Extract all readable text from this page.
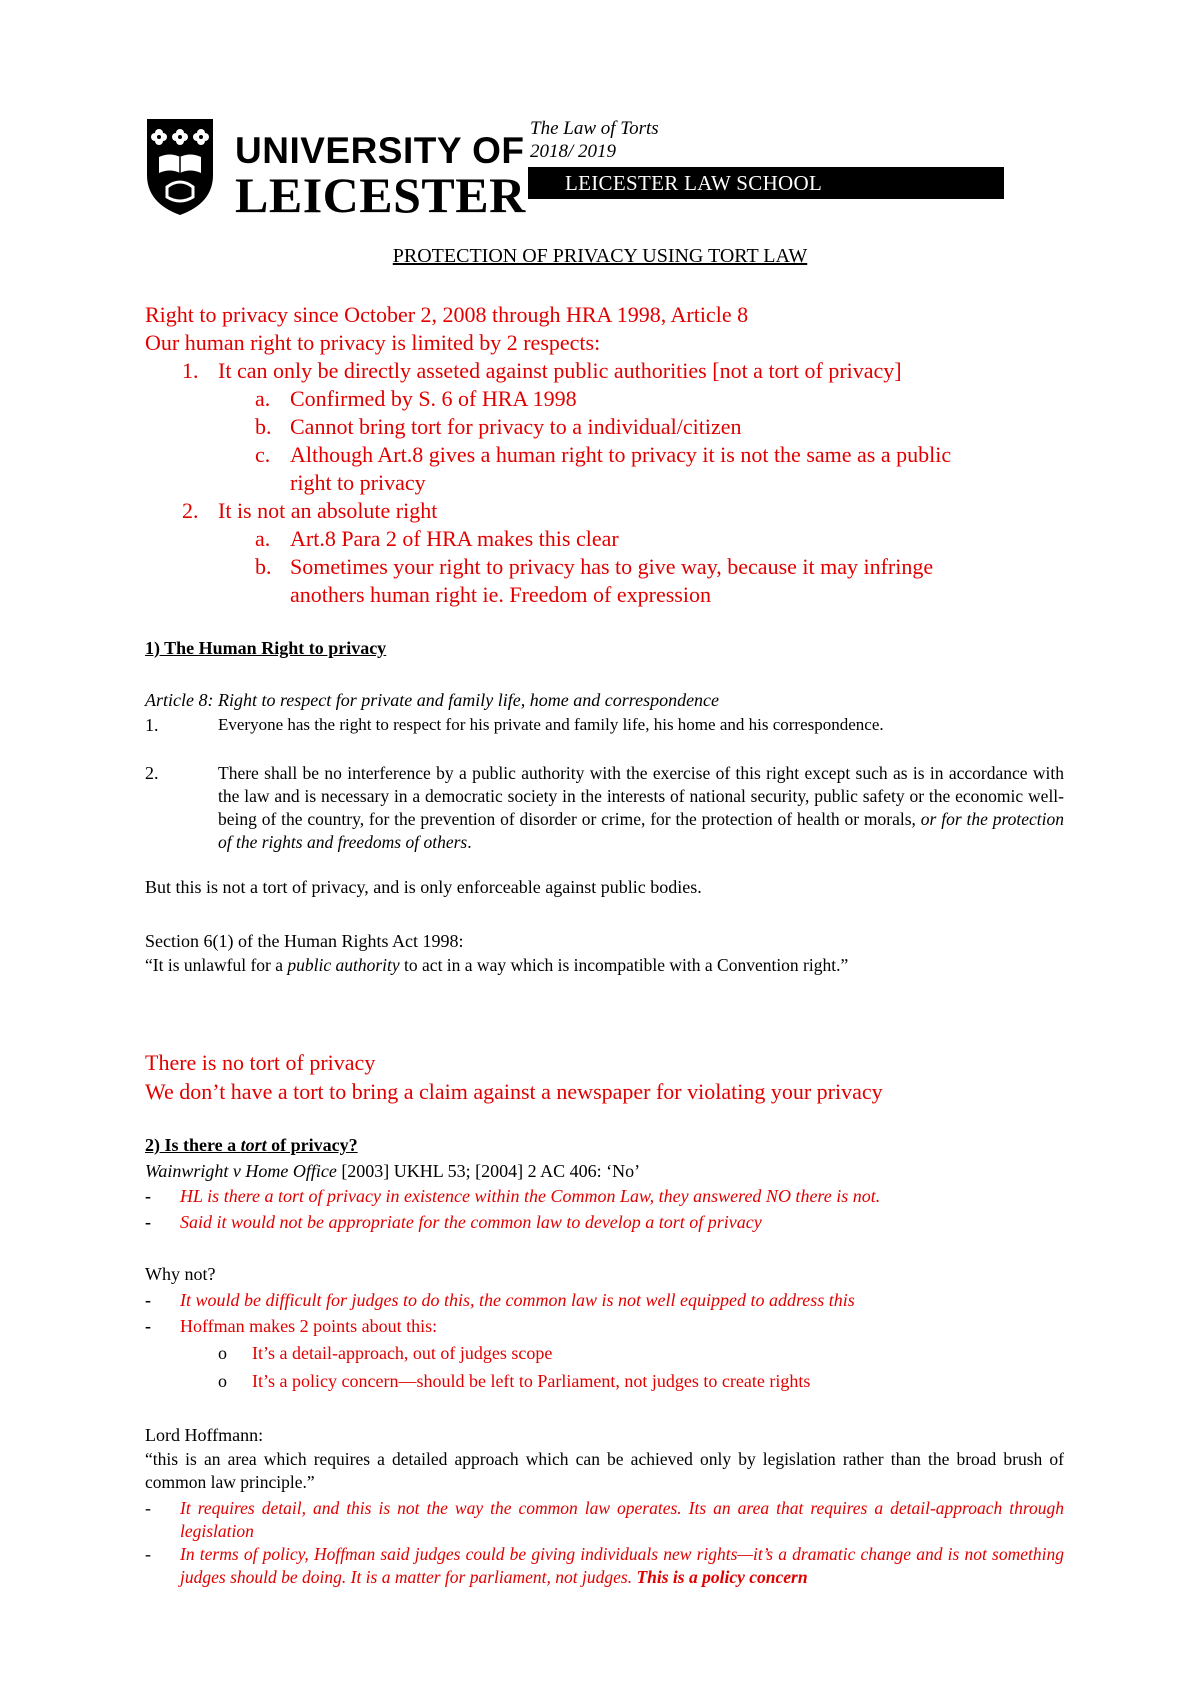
UNIVERSITY OF
LEICESTER
The Law of Torts
2018/ 2019
LEICESTER LAW SCHOOL
PROTECTION OF PRIVACY USING TORT LAW
Right to privacy since October 2, 2008 through HRA 1998, Article 8
Our human right to privacy is limited by 2 respects:
1. It can only be directly asseted against public authorities [not a tort of privacy]
a. Confirmed by S. 6 of HRA 1998
b. Cannot bring tort for privacy to a individual/citizen
c. Although Art.8 gives a human right to privacy it is not the same as a public
right to privacy
2. It is not an absolute right
a. Art.8 Para 2 of HRA makes this clear
b. Sometimes your right to privacy has to give way, because it may infringe
anothers human right ie. Freedom of expression
1) The Human Right to privacy
Article 8: Right to respect for private and family life, home and correspondence
1.	Everyone has the right to respect for his private and family life, his home and his correspondence.
2.	There shall be no interference by a public authority with the exercise of this right except such as is in accordance with the law and is necessary in a democratic society in the interests of national security, public safety or the economic well-being of the country, for the prevention of disorder or crime, for the protection of health or morals, or for the protection of the rights and freedoms of others.
But this is not a tort of privacy, and is only enforceable against public bodies.
Section 6(1) of the Human Rights Act 1998:
“It is unlawful for a public authority to act in a way which is incompatible with a Convention right.”
There is no tort of privacy
We don’t have a tort to bring a claim against a newspaper for violating your privacy
2) Is there a tort of privacy?
Wainwright v Home Office [2003] UKHL 53; [2004] 2 AC 406: ‘No’
- HL is there a tort of privacy in existence within the Common Law, they answered NO there is not.
- Said it would not be appropriate for the common law to develop a tort of privacy
Why not?
- It would be difficult for judges to do this, the common law is not well equipped to address this
- Hoffman makes 2 points about this:
o It’s a detail-approach, out of judges scope
o It’s a policy concern—should be left to Parliament, not judges to create rights
Lord Hoffmann:
“this is an area which requires a detailed approach which can be achieved only by legislation rather than the broad brush of common law principle.”
- It requires detail, and this is not the way the common law operates. Its an area that requires a detail-approach through legislation
- In terms of policy, Hoffman said judges could be giving individuals new rights—it’s a dramatic change and is not something judges should be doing. It is a matter for parliament, not judges. This is a policy concern
